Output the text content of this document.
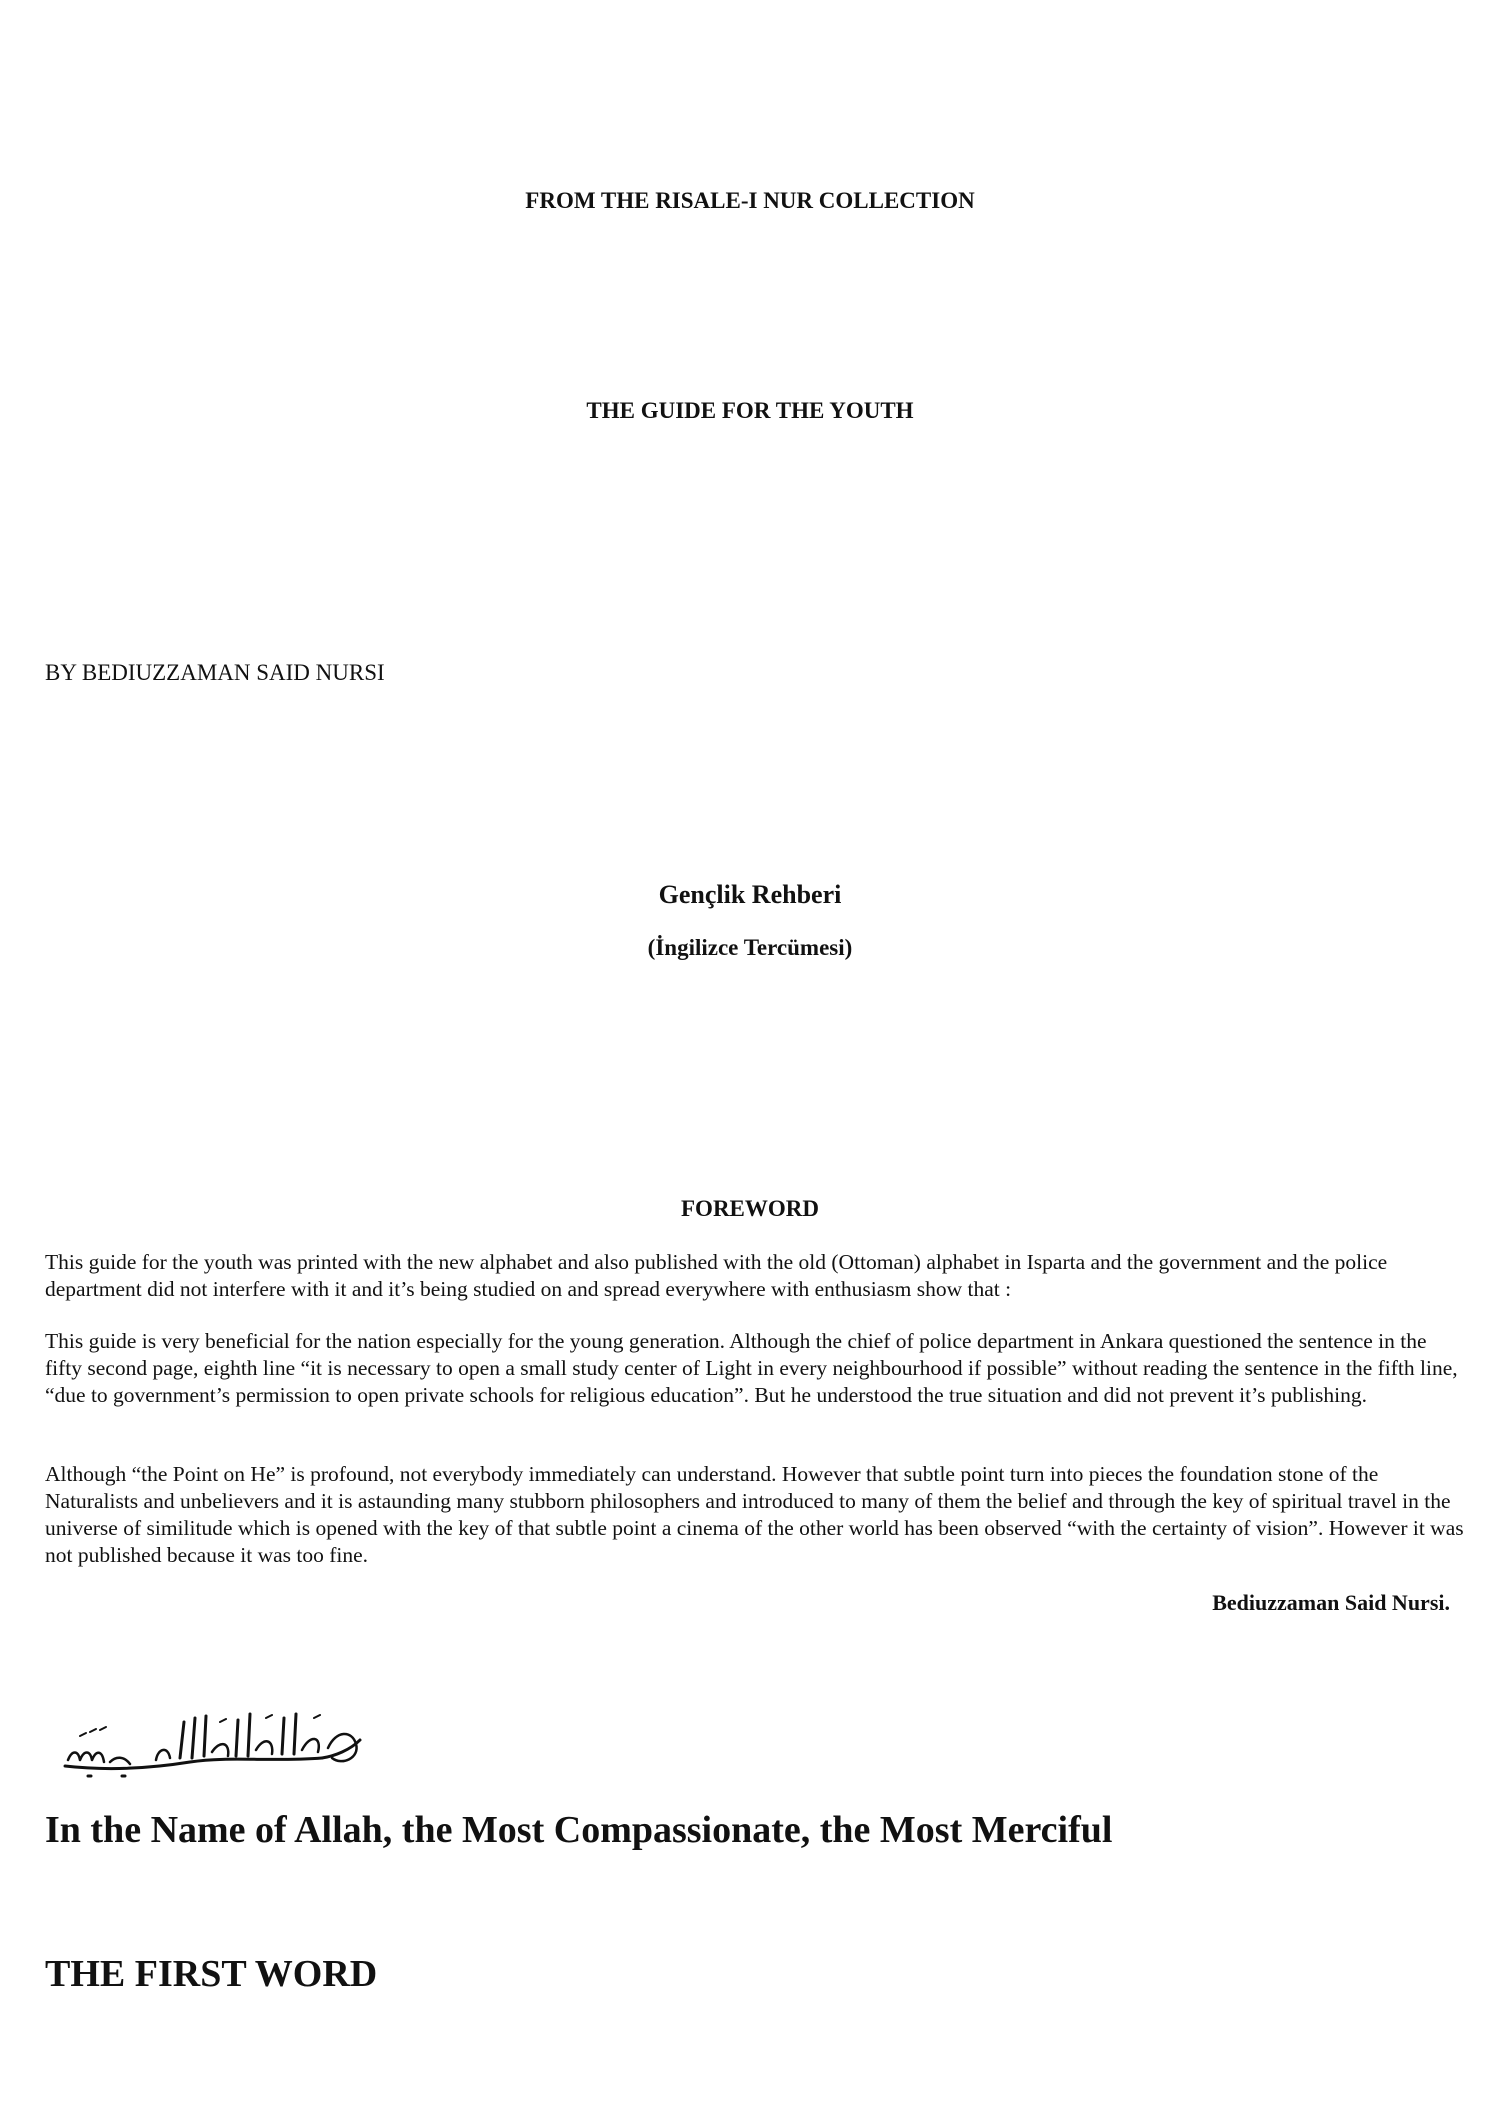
FROM THE RISALE-I NUR COLLECTION
THE GUIDE FOR THE YOUTH
BY BEDIUZZAMAN SAID NURSI
Gençlik Rehberi
(İngilizce Tercümesi)
FOREWORD

This guide for the youth was printed with the new alphabet and also published with the old (Ottoman) alphabet in Isparta and the government and the police department did not interfere with it and it’s being studied on and spread everywhere with enthusiasm show that :

This guide is very beneficial for the nation especially for the young generation. Although the chief of police department in Ankara questioned the sentence in the fifty second page, eighth line “it is necessary to open a small study center of Light in every neighbourhood if possible” without reading the sentence in the fifth line, “due to government’s permission to open private schools for religious education”. But he understood the true situation and did not prevent it’s publishing.

Although “the Point on He” is profound, not everybody immediately can understand. However that subtle point turn into pieces the foundation stone of the Naturalists and unbelievers and it is astaunding many stubborn philosophers and introduced to many of them the belief and through the key of spiritual travel in the universe of similitude which is opened with the key of that subtle point a cinema of the other world has been observed “with the certainty of vision”. However it was not published because it was too fine.

Bediuzzaman Said Nursi.
In the Name of Allah, the Most Compassionate, the Most Merciful
THE FIRST WORD
